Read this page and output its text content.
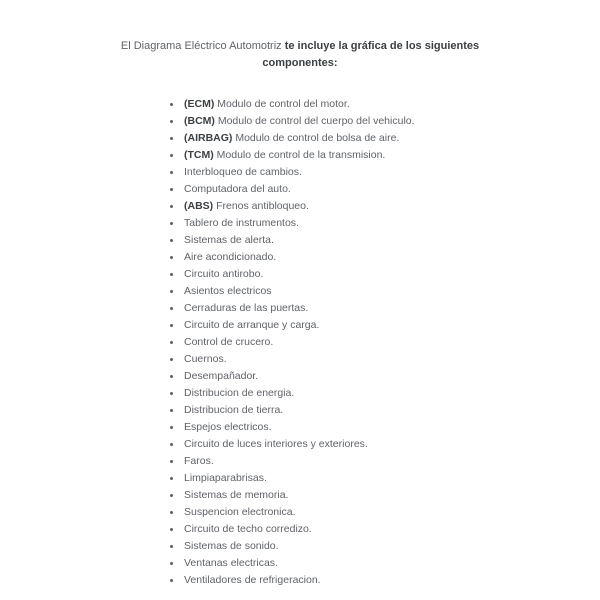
El Diagrama Eléctrico Automotriz te incluye la gráfica de los siguientes
componentes:
(ECM) Modulo de control del motor.
(BCM) Modulo de control del cuerpo del vehiculo.
(AIRBAG) Modulo de control de bolsa de aire.
(TCM) Modulo de control de la transmision.
Interbloqueo de cambios.
Computadora del auto.
(ABS) Frenos antibloqueo.
Tablero de instrumentos.
Sistemas de alerta.
Aire acondicionado.
Circuito antirobo.
Asientos electricos
Cerraduras de las puertas.
Circuito de arranque y carga.
Control de crucero.
Cuernos.
Desempañador.
Distribucion de energia.
Distribucion de tierra.
Espejos electricos.
Circuito de luces interiores y exteriores.
Faros.
Limpiaparabrisas.
Sistemas de memoria.
Suspencion electronica.
Circuito de techo corredizo.
Sistemas de sonido.
Ventanas electricas.
Ventiladores de refrigeracion.
